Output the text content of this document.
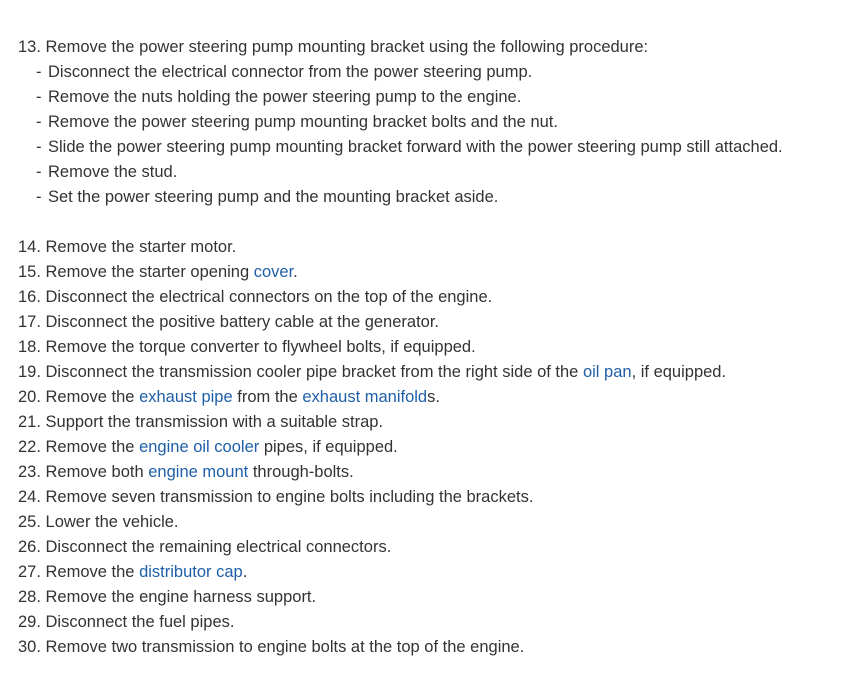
13. Remove the power steering pump mounting bracket using the following procedure:
- Disconnect the electrical connector from the power steering pump.
- Remove the nuts holding the power steering pump to the engine.
- Remove the power steering pump mounting bracket bolts and the nut.
- Slide the power steering pump mounting bracket forward with the power steering pump still attached.
- Remove the stud.
- Set the power steering pump and the mounting bracket aside.
14. Remove the starter motor.
15. Remove the starter opening cover.
16. Disconnect the electrical connectors on the top of the engine.
17. Disconnect the positive battery cable at the generator.
18. Remove the torque converter to flywheel bolts, if equipped.
19. Disconnect the transmission cooler pipe bracket from the right side of the oil pan, if equipped.
20. Remove the exhaust pipe from the exhaust manifolds.
21. Support the transmission with a suitable strap.
22. Remove the engine oil cooler pipes, if equipped.
23. Remove both engine mount through-bolts.
24. Remove seven transmission to engine bolts including the brackets.
25. Lower the vehicle.
26. Disconnect the remaining electrical connectors.
27. Remove the distributor cap.
28. Remove the engine harness support.
29. Disconnect the fuel pipes.
30. Remove two transmission to engine bolts at the top of the engine.
